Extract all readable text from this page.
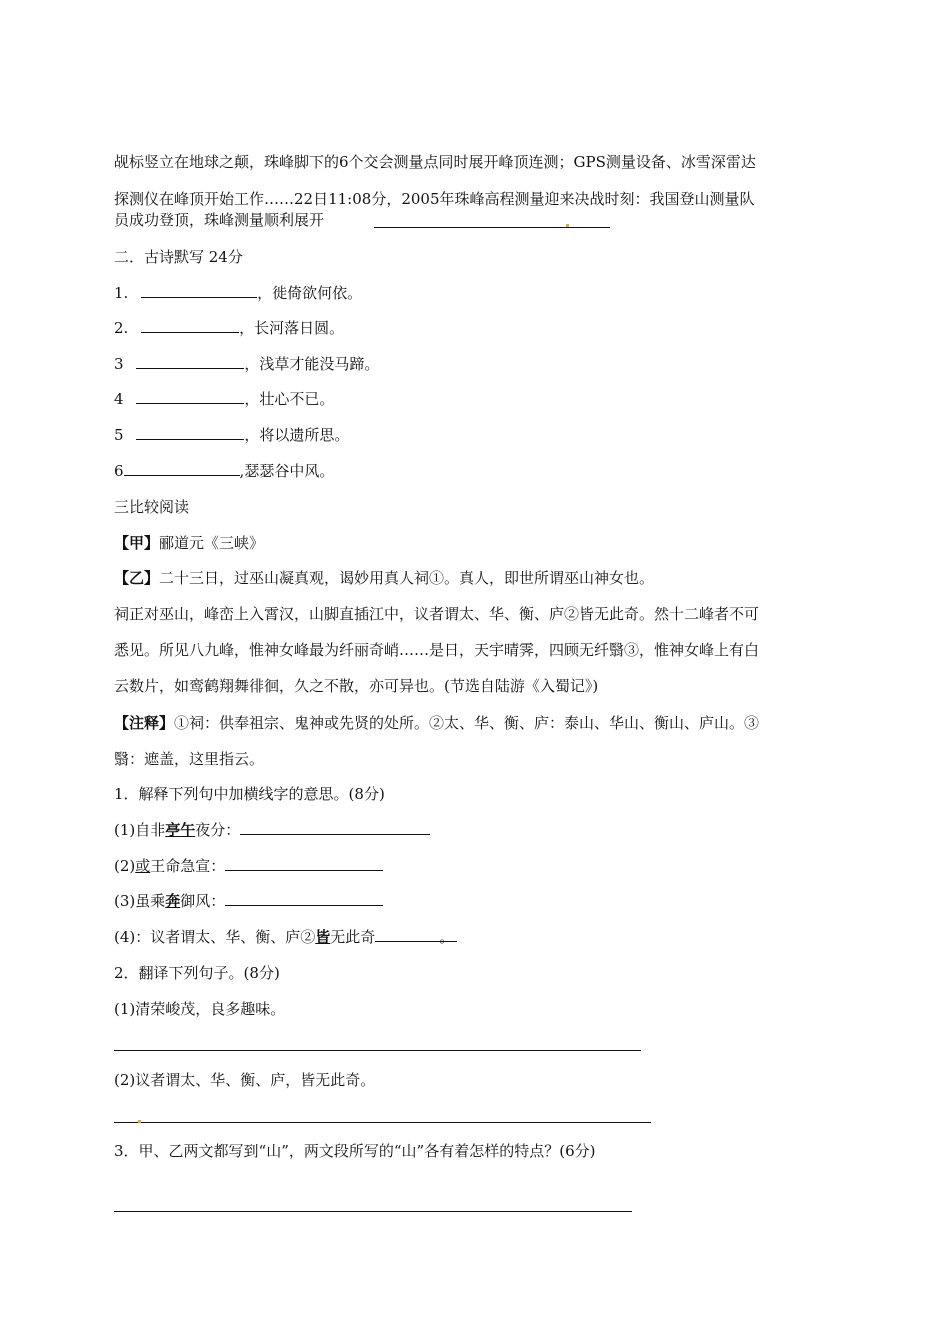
觇标竖立在地球之颠，珠峰脚下的6个交会测量点同时展开峰顶连测；GPS测量设备、冰雪深雷达
探测仪在峰顶开始工作……22日11:08分，2005年珠峰高程测量迎来决战时刻：我国登山测量队
员成功登顶，珠峰测量顺利展开
二．古诗默写 24分
1.	，徙倚欲何依。
2.	，长河落日圆。
3	，浅草才能没马蹄。
4	，壮心不已。
5	，将以遗所思。
6	,瑟瑟谷中风。
三比较阅读
【甲】郦道元《三峡》
【乙】二十三日，过巫山凝真观，谒妙用真人祠①。真人，即世所谓巫山神女也。
祠正对巫山，峰峦上入霄汉，山脚直插江中，议者谓太、华、衡、庐②皆无此奇。然十二峰者不可
悉见。所见八九峰，惟神女峰最为纤丽奇峭……是日，天宇晴霁，四顾无纤翳③，惟神女峰上有白
云数片，如鸾鹤翔舞徘徊，久之不散，亦可异也。(节选自陆游《入蜀记》)
【注释】①祠：供奉祖宗、鬼神或先贤的处所。②太、华、衡、庐：泰山、华山、衡山、庐山。③
翳：遮盖，这里指云。
1．解释下列句中加横线字的意思。(8分)
(1)自非亭午夜分：
(2)或王命急宣：
(3)虽乘奔御风：
(4)：议者谓太、华、衡、庐②皆无此奇	。
2．翻译下列句子。(8分)
(1)清荣峻茂，良多趣味。
(2)议者谓太、华、衡、庐，皆无此奇。
3．甲、乙两文都写到“山”，两文段所写的“山”各有着怎样的特点？(6分)
